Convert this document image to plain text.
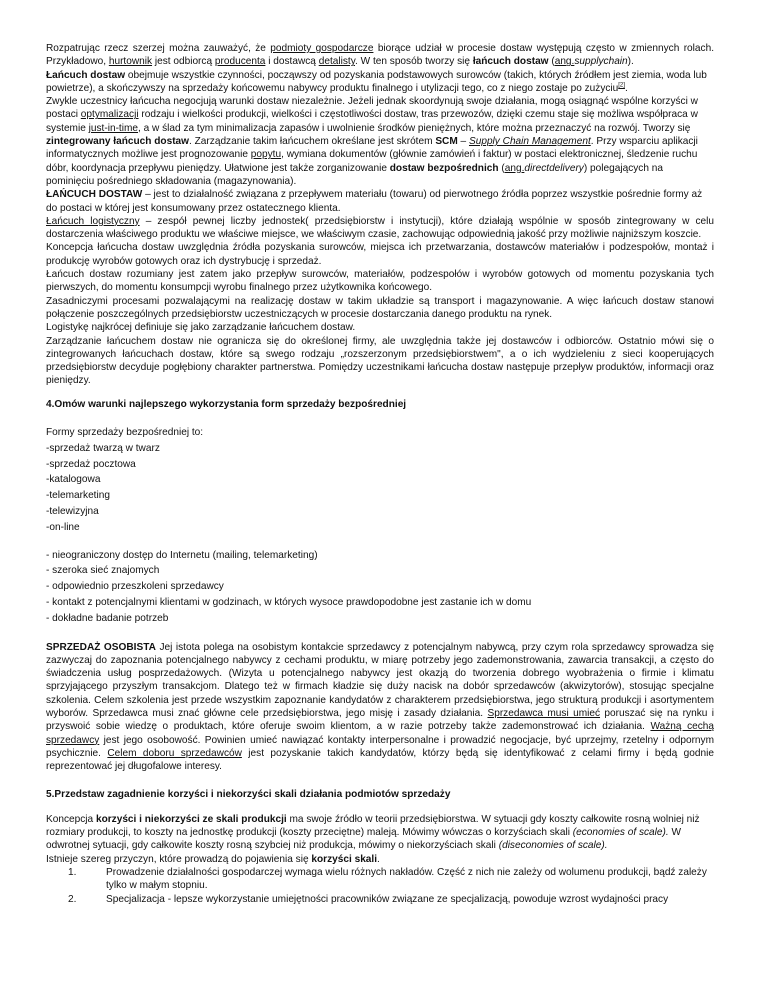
Rozpatrując rzecz szerzej można zauważyć, że podmioty gospodarcze biorące udział w procesie dostaw występują często w zmiennych rolach. Przykładowo, hurtownik jest odbiorcą producenta i dostawcą detalisty. W ten sposób tworzy się łańcuch dostaw (ang.supplychain).

Łańcuch dostaw obejmuje wszystkie czynności, począwszy od pozyskania podstawowych surowców (takich, których źródłem jest ziemia, woda lub powietrze), a skończywszy na sprzedaży końcowemu nabywcy produktu finalnego i utylizacji tego, co z niego zostaje po zużyciu[2].

Zwykle uczestnicy łańcucha negocjują warunki dostaw niezależnie. Jeżeli jednak skoordynują swoje działania, mogą osiągnąć wspólne korzyści w postaci optymalizacji rodzaju i wielkości produkcji, wielkości i częstotliwości dostaw, tras przewozów, dzięki czemu staje się możliwa współpraca w systemie just-in-time, a w ślad za tym minimalizacja zapasów i uwolnienie środków pieniężnych, które można przeznaczyć na rozwój. Tworzy się zintegrowany łańcuch dostaw. Zarządzanie takim łańcuchem określane jest skrótem SCM – Supply Chain Management. Przy wsparciu aplikacji informatycznych możliwe jest prognozowanie popytu, wymiana dokumentów (głównie zamówień i faktur) w postaci elektronicznej, śledzenie ruchu dóbr, koordynacja przepływu pieniędzy. Ułatwione jest także zorganizowanie dostaw bezpośrednich (ang.directdelivery) polegających na pominięciu pośredniego składowania (magazynowania).

ŁAŃCUCH DOSTAW – jest to działalność związana z przepływem materiału (towaru) od pierwotnego źródła poprzez wszystkie pośrednie formy aż do postaci w której jest konsumowany przez ostatecznego klienta.

Łańcuch logistyczny – zespół pewnej liczby jednostek( przedsiębiorstw i instytucji), które działają wspólnie w sposób zintegrowany w celu dostarczenia właściwego produktu we właściwe miejsce, we właściwym czasie, zachowując odpowiednią jakość przy możliwie najniższym koszcie.

Koncepcja łańcucha dostaw uwzględnia źródła pozyskania surowców, miejsca ich przetwarzania, dostawców materiałów i podzespołów, montaż i produkcję wyrobów gotowych oraz ich dystrybucję i sprzedaż.

Łańcuch dostaw rozumiany jest zatem jako przepływ surowców, materiałów, podzespołów i wyrobów gotowych od momentu pozyskania tych pierwszych, do momentu konsumpcji wyrobu finalnego przez użytkownika końcowego.

Zasadniczymi procesami pozwalającymi na realizację dostaw w takim układzie są transport i magazynowanie. A więc łańcuch dostaw stanowi połączenie poszczególnych przedsiębiorstw uczestniczących w procesie dostarczania danego produktu na rynek.

Logistykę najkrócej definiuje się jako zarządzanie łańcuchem dostaw.

Zarządzanie łańcuchem dostaw nie ogranicza się do określonej firmy, ale uwzględnia także jej dostawców i odbiorców. Ostatnio mówi się o zintegrowanych łańcuchach dostaw, które są swego rodzaju „rozszerzonym przedsiębiorstwem", a o ich wydzieleniu z sieci kooperujących przedsiębiorstw decyduje pogłębiony charakter partnerstwa. Pomiędzy uczestnikami łańcucha dostaw następuje przepływ produktów, informacji oraz pieniędzy.

4.Omów warunki najlepszego wykorzystania form sprzedaży bezpośredniej

Formy sprzedaży bezpośredniej to:

-sprzedaż twarzą w twarz

-sprzedaż pocztowa

-katalogowa

-telemarketing

-telewizyjna

-on-line

- nieograniczony dostęp do Internetu (mailing, telemarketing)

- szeroka sieć znajomych

- odpowiednio przeszkoleni sprzedawcy

- kontakt z potencjalnymi klientami w godzinach, w których wysoce prawdopodobne jest zastanie ich w domu

- dokładne badanie potrzeb

SPRZEDAŻ OSOBISTA Jej istota polega na osobistym kontakcie sprzedawcy z potencjalnym nabywcą, przy czym rola sprzedawcy sprowadza się zazwyczaj do zapoznania potencjalnego nabywcy z cechami produktu, w miarę potrzeby jego zademonstrowania, zawarcia transakcji, a często do świadczenia usług posprzedażowych. (Wizyta u potencjalnego nabywcy jest okazją do tworzenia dobrego wyobrażenia o firmie i klimatu sprzyjającego przyszłym transakcjom. Dlatego też w firmach kładzie się duży nacisk na dobór sprzedawców (akwizytorów), stosując specjalne szkolenia. Celem szkolenia jest przede wszystkim zapoznanie kandydatów z charakterem przedsiębiorstwa, jego strukturą produkcji i asortymentem wyborów. Sprzedawca musi znać główne cele przedsiębiorstwa, jego misję i zasady działania. Sprzedawca musi umieć poruszać się na rynku i przyswoić sobie wiedzę o produktach, które oferuje swoim klientom, a w razie potrzeby także zademonstrować ich działania. Ważną cechą sprzedawcy jest jego osobowość. Powinien umieć nawiązać kontakty interpersonalne i prowadzić negocjacje, być uprzejmy, rzetelny i odpornym psychicznie. Celem doboru sprzedawców jest pozyskanie takich kandydatów, którzy będą się identyfikować z celami firmy i będą godnie reprezentować jej długofalowe interesy.

5.Przedstaw zagadnienie korzyści i niekorzyści skali działania podmiotów sprzedaży

Koncepcja korzyści i niekorzyści ze skali produkcji ma swoje źródło w teorii przedsiębiorstwa. W sytuacji gdy koszty całkowite rosną wolniej niż rozmiary produkcji, to koszty na jednostkę produkcji (koszty przeciętne) maleją. Mówimy wówczas o korzyściach skali (economies of scale). W odwrotnej sytuacji, gdy całkowite koszty rosną szybciej niż produkcja, mówimy o niekorzyściach skali (diseconomies of scale).

Istnieje szereg przyczyn, które prowadzą do pojawienia się korzyści skali.

1.	Prowadzenie działalności gospodarczej wymaga wielu różnych nakładów. Część z nich nie zależy od wolumenu produkcji, bądź zależy tylko w małym stopniu.
2.	Specjalizacja - lepsze wykorzystanie umiejętności pracowników związane ze specjalizacją, powoduje wzrost wydajności pracy
